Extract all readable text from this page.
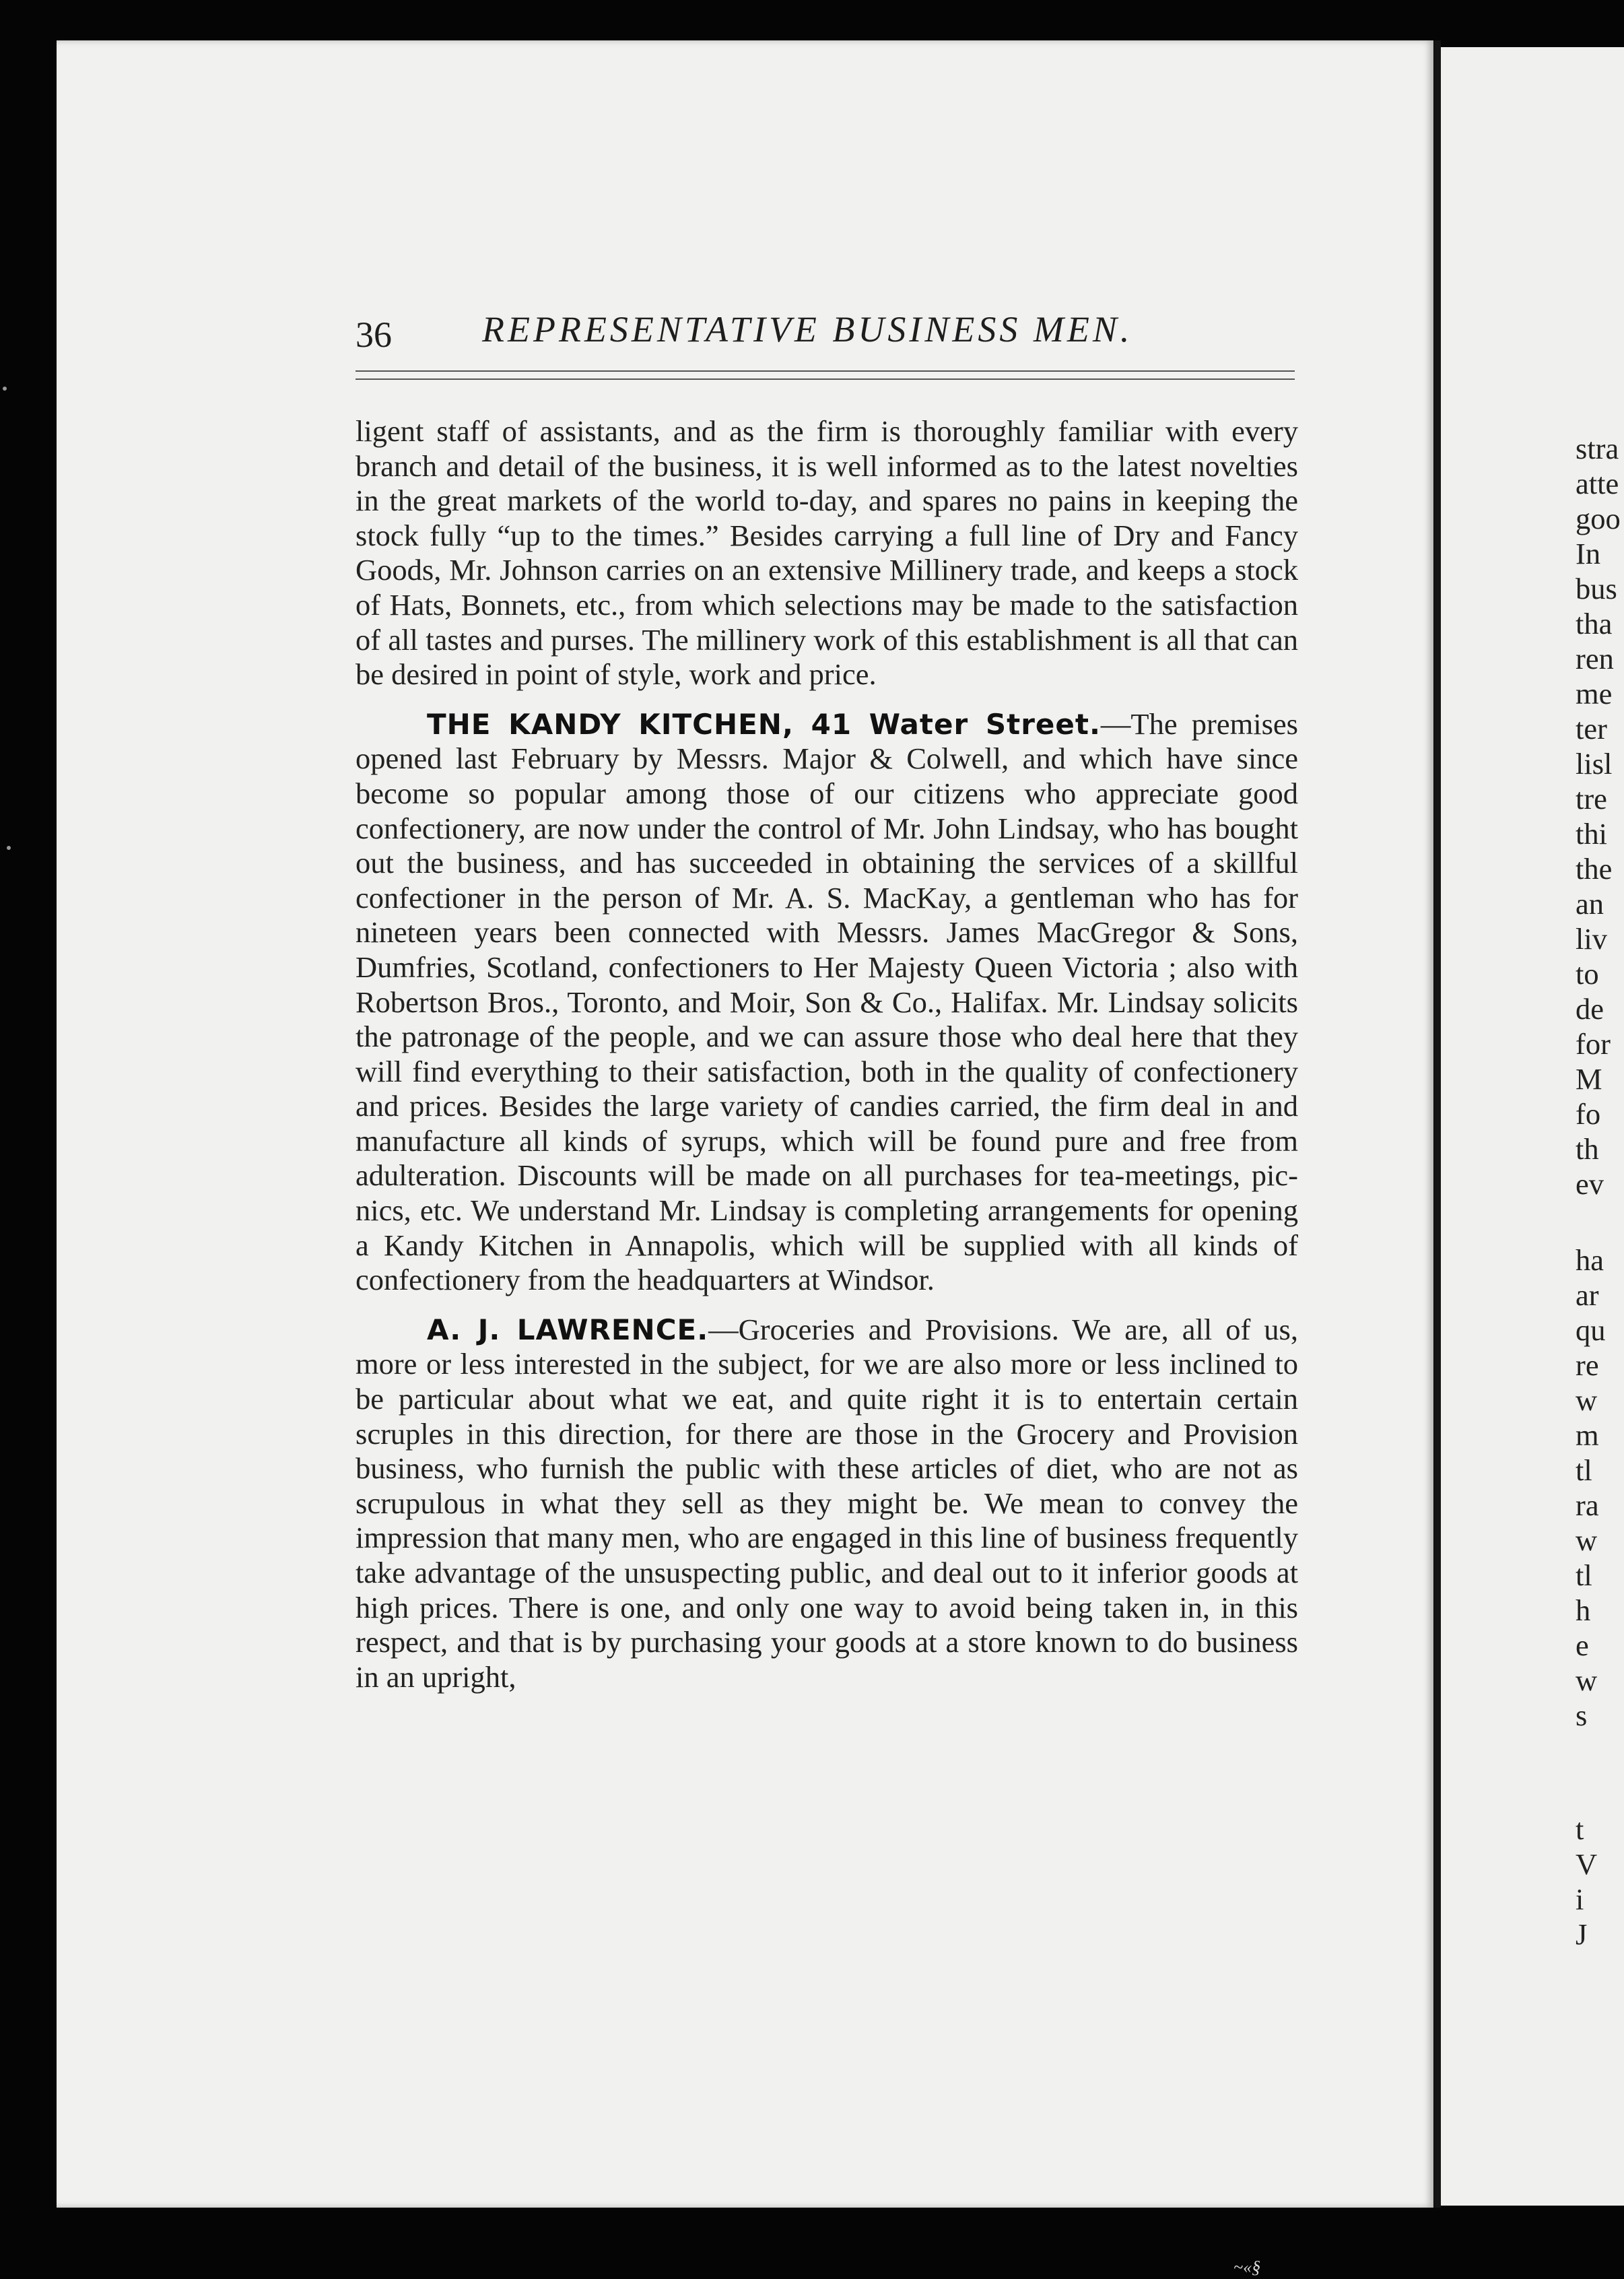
36 REPRESENTATIVE BUSINESS MEN.

ligent staff of assistants, and as the firm is thoroughly familiar with every branch and detail of the business, it is well informed as to the latest novelties in the great markets of the world to-day, and spares no pains in keeping the stock fully “up to the times.” Besides carrying a full line of Dry and Fancy Goods, Mr. Johnson carries on an extensive Millinery trade, and keeps a stock of Hats, Bonnets, etc., from which selections may be made to the satisfaction of all tastes and purses. The millinery work of this establishment is all that can be desired in point of style, work and price.

THE KANDY KITCHEN, 41 Water Street.—The premises opened last February by Messrs. Major & Colwell, and which have since become so popular among those of our citizens who appreciate good confectionery, are now under the control of Mr. John Lindsay, who has bought out the business, and has succeeded in obtaining the services of a skillful confectioner in the person of Mr. A. S. MacKay, a gentleman who has for nineteen years been connected with Messrs. James MacGregor & Sons, Dumfries, Scotland, confectioners to Her Majesty Queen Victoria ; also with Robertson Bros., Toronto, and Moir, Son & Co., Halifax. Mr. Lindsay solicits the patronage of the people, and we can assure those who deal here that they will find everything to their satisfaction, both in the quality of confectionery and prices. Besides the large variety of candies carried, the firm deal in and manufacture all kinds of syrups, which will be found pure and free from adulteration. Discounts will be made on all purchases for tea-meetings, pic-nics, etc. We understand Mr. Lindsay is completing arrangements for opening a Kandy Kitchen in Annapolis, which will be supplied with all kinds of confectionery from the headquarters at Windsor.

A. J. LAWRENCE.—Groceries and Provisions. We are, all of us, more or less interested in the subject, for we are also more or less inclined to be particular about what we eat, and quite right it is to entertain certain scruples in this direction, for there are those in the Grocery and Provision business, who furnish the public with these articles of diet, who are not as scrupulous in what they sell as they might be. We mean to convey the impression that many men, who are engaged in this line of business frequently take advantage of the unsuspecting public, and deal out to it inferior goods at high prices. There is one, and only one way to avoid being taken in, in this respect, and that is by purchasing your goods at a store known to do business in an upright,

stra
atte
goo
In
bus
tha
ren
me
ter
lisl
tre
thi
the
an
liv
to
de
for
M
fo
th
ev
ha
ar
qu
re
w
m
tl
ra
w
tl
h
e
w
s
t
V
i
J
~«§
